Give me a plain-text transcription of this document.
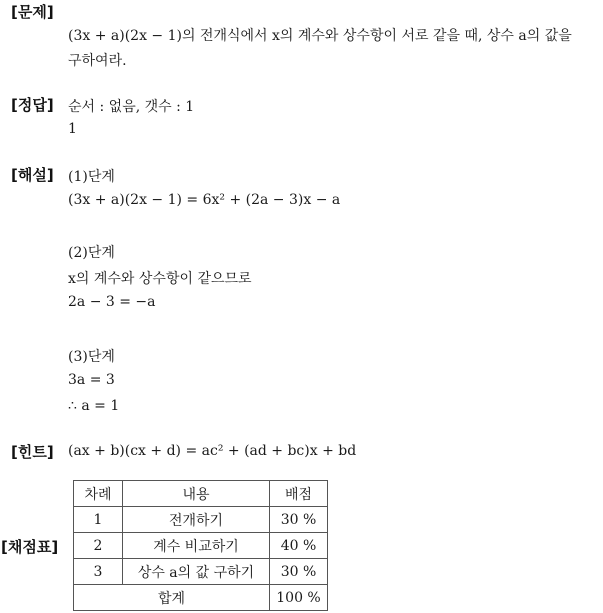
[문제]
(3x + a)(2x − 1)의 전개식에서 x의 계수와 상수항이 서로 같을 때, 상수 a의 값을
구하여라.
[정답] 순서 : 없음, 갯수 : 1
1
[해설] (1)단계
(3x + a)(2x − 1) = 6x² + (2a − 3)x − a
(2)단계
x의 계수와 상수항이 같으므로
2a − 3 = −a
(3)단계
3a = 3
∴ a = 1
[힌트] (ax + b)(cx + d) = ac² + (ad + bc)x + bd
[채점표]
차례	내용	배점
1	전개하기	30 %
2	계수 비교하기	40 %
3	상수 a의 값 구하기	30 %
합계		100 %
